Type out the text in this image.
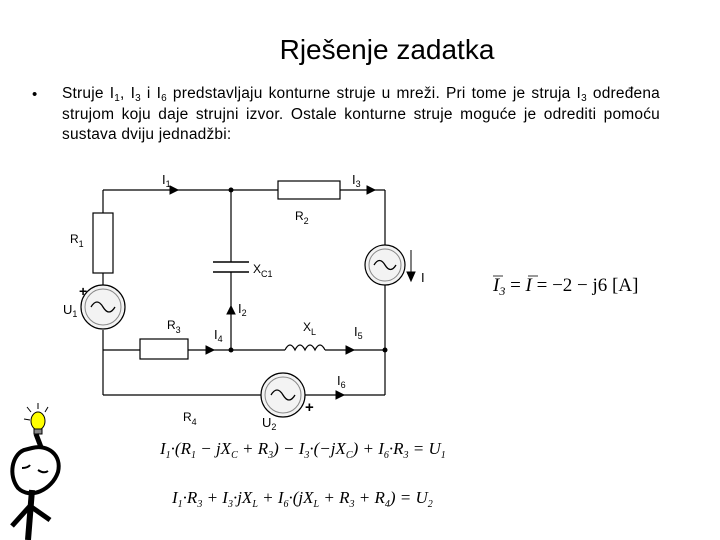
Rješenje zadatka
• Struje $I_1$, $I_3$ i $I_6$ predstavljaju konturne struje u mreži. Pri tome je struja $I_3$ određena strujom koju daje strujni izvor. Ostale konturne struje moguće je odrediti pomoću sustava dviju jednadžbi:
$I_1$	$I_3$
$R_2$
$R_1$
$X_{C1}$	I
+
$U_1$
$R_3$
$I_2$
$I_4$
$X_L$	$I_5$
$I_6$
+
$R_4$	$U_2$
$I_3 = I = -2 - j6$ [A]
$I_1\cdot(R_1 - jX_C + R_3) - I_3\cdot(-jX_C) + I_6\cdot R_3 = U_1$
$I_1\cdot R_3 + I_3\cdot jX_L + I_6\cdot(jX_L + R_3 + R_4) = U_2$
